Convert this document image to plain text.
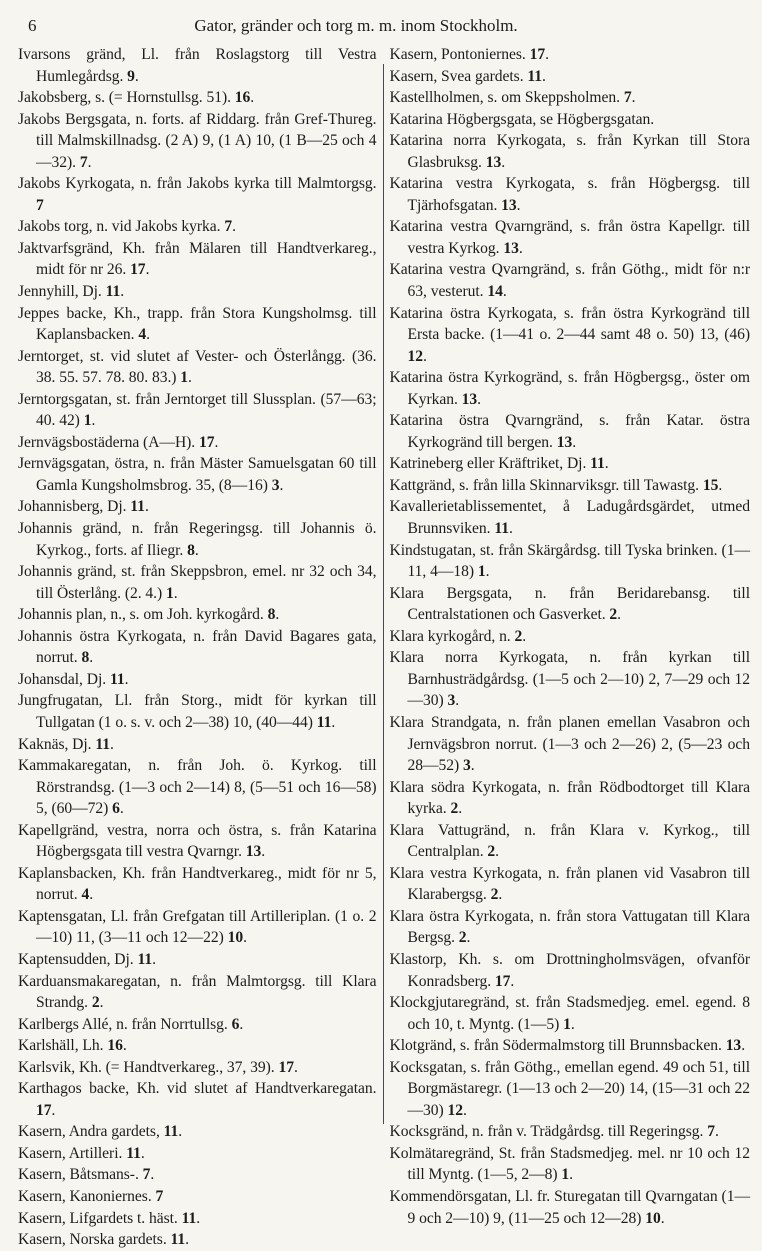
6	Gator, gränder och torg m. m. inom Stockholm.

Ivarsons gränd, Ll. från Roslagstorg till Vestra Humlegårdsg. 9.

Jakobsberg, s. (= Hornstullsg. 51). 16.

Jakobs Bergsgata, n. forts. af Riddarg. från Gref-Thureg. till Malmskillnadsg. (2 A) 9, (1 A) 10, (1 B—25 och 4—32). 7.

Jakobs Kyrkogata, n. från Jakobs kyrka till Malmtorgsg. 7

Jakobs torg, n. vid Jakobs kyrka. 7.

Jaktvarfsgränd, Kh. från Mälaren till Handtverkareg., midt för nr 26. 17.

Jennyhill, Dj. 11.

Jeppes backe, Kh., trapp. från Stora Kungsholmsg. till Kaplansbacken. 4.

Jerntorget, st. vid slutet af Vester- och Österlångg. (36. 38. 55. 57. 78. 80. 83.) 1.

Jerntorgsgatan, st. från Jerntorget till Slussplan. (57—63; 40. 42) 1.

Jernvägsbostäderna (A—H). 17.

Jernvägsgatan, östra, n. från Mäster Samuelsgatan 60 till Gamla Kungsholmsbrog. 35, (8—16) 3.

Johannisberg, Dj. 11.

Johannis gränd, n. från Regeringsg. till Johannis ö. Kyrkog., forts. af Iliegr. 8.

Johannis gränd, st. från Skeppsbron, emel. nr 32 och 34, till Österlång. (2. 4.) 1.

Johannis plan, n., s. om Joh. kyrkogård. 8.

Johannis östra Kyrkogata, n. från David Bagares gata, norrut. 8.

Johansdal, Dj. 11.

Jungfrugatan, Ll. från Storg., midt för kyrkan till Tullgatan (1 o. s. v. och 2—38) 10, (40—44) 11.

Kaknäs, Dj. 11.

Kammakaregatan, n. från Joh. ö. Kyrkog. till Rörstrandsg. (1—3 och 2—14) 8, (5—51 och 16—58) 5, (60—72) 6.

Kapellgränd, vestra, norra och östra, s. från Katarina Högbergsgata till vestra Qvarngr. 13.

Kaplansbacken, Kh. från Handtverkareg., midt för nr 5, norrut. 4.

Kaptensgatan, Ll. från Grefgatan till Artilleriplan. (1 o. 2—10) 11, (3—11 och 12—22) 10.

Kaptensudden, Dj. 11.

Karduansmakaregatan, n. från Malmtorgsg. till Klara Strandg. 2.

Karlbergs Allé, n. från Norrtullsg. 6.

Karlshäll, Lh. 16.

Karlsvik, Kh. (= Handtverkareg., 37, 39). 17.

Karthagos backe, Kh. vid slutet af Handtverkaregatan. 17.

Kasern, Andra gardets, 11.

Kasern, Artilleri. 11.

Kasern, Båtsmans-. 7.

Kasern, Kanoniernes. 7

Kasern, Lifgardets t. häst. 11.

Kasern, Norska gardets. 11.

Kasern, Pontoniernes. 17.

Kasern, Svea gardets. 11.

Kastellholmen, s. om Skeppsholmen. 7.

Katarina Högbergsgata, se Högbergsgatan.

Katarina norra Kyrkogata, s. från Kyrkan till Stora Glasbruksg. 13.

Katarina vestra Kyrkogata, s. från Högbergsg. till Tjärhofsgatan. 13.

Katarina vestra Qvarngränd, s. från östra Kapellgr. till vestra Kyrkog. 13.

Katarina vestra Qvarngränd, s. från Göthg., midt för n:r 63, vesterut. 14.

Katarina östra Kyrkogata, s. från östra Kyrkogränd till Ersta backe. (1—41 o. 2—44 samt 48 o. 50) 13, (46) 12.

Katarina östra Kyrkogränd, s. från Högbergsg., öster om Kyrkan. 13.

Katarina östra Qvarngränd, s. från Katar. östra Kyrkogränd till bergen. 13.

Katrineberg eller Kräftriket, Dj. 11.

Kattgränd, s. från lilla Skinnarviksgr. till Tawastg. 15.

Kavallerietablissementet, å Ladugårdsgärdet, utmed Brunnsviken. 11.

Kindstugatan, st. från Skärgårdsg. till Tyska brinken. (1—11, 4—18) 1.

Klara Bergsgata, n. från Beridarebansg. till Centralstationen och Gasverket. 2.

Klara kyrkogård, n. 2.

Klara norra Kyrkogata, n. från kyrkan till Barnhusträdgårdsg. (1—5 och 2—10) 2, 7—29 och 12—30) 3.

Klara Strandgata, n. från planen emellan Vasabron och Jernvägsbron norrut. (1—3 och 2—26) 2, (5—23 och 28—52) 3.

Klara södra Kyrkogata, n. från Rödbodtorget till Klara kyrka. 2.

Klara Vattugränd, n. från Klara v. Kyrkog., till Centralplan. 2.

Klara vestra Kyrkogata, n. från planen vid Vasabron till Klarabergsg. 2.

Klara östra Kyrkogata, n. från stora Vattugatan till Klara Bergsg. 2.

Klastorp, Kh. s. om Drottningholmsvägen, ofvanför Konradsberg. 17.

Klockgjutaregränd, st. från Stadsmedjeg. emel. egend. 8 och 10, t. Myntg. (1—5) 1.

Klotgränd, s. från Södermalmstorg till Brunnsbacken. 13.

Kocksgatan, s. från Göthg., emellan egend. 49 och 51, till Borgmästaregr. (1—13 och 2—20) 14, (15—31 och 22—30) 12.

Kocksgränd, n. från v. Trädgårdsg. till Regeringsg. 7.

Kolmätaregränd, St. från Stadsmedjeg. mel. nr 10 och 12 till Myntg. (1—5, 2—8) 1.

Kommendörsgatan, Ll. fr. Sturegatan till Qvarngatan (1—9 och 2—10) 9, (11—25 och 12—28) 10.
